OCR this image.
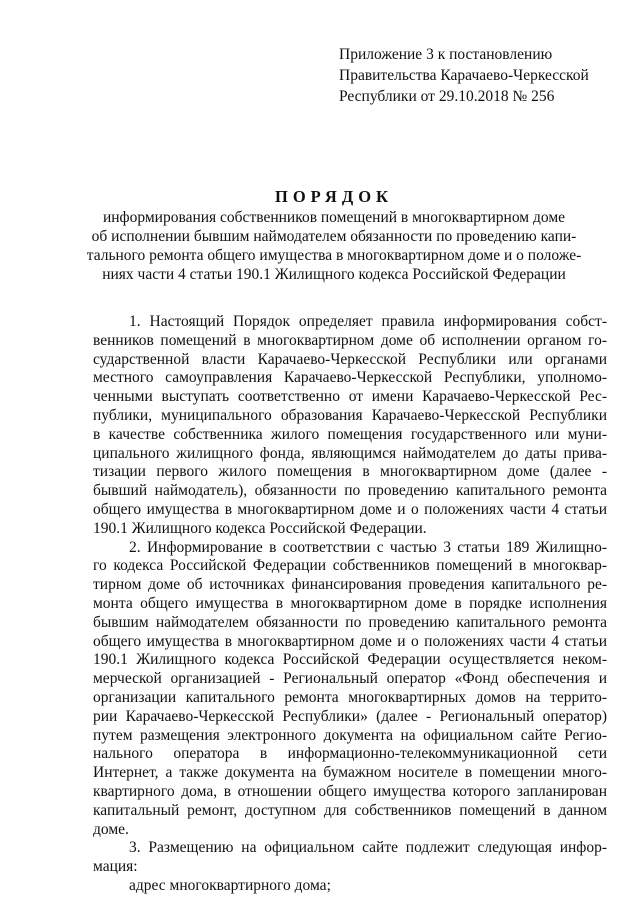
Приложение 3 к постановлению
Правительства Карачаево-Черкесской
Республики от 29.10.2018 № 256
ПОРЯДОК
информирования собственников помещений в многоквартирном доме
об исполнении бывшим наймодателем обязанности по проведению капи-
тального ремонта общего имущества в многоквартирном доме и о положе-
ниях части 4 статьи 190.1 Жилищного кодекса Российской Федерации

1. Настоящий Порядок определяет правила информирования собст-

венников помещений в многоквартирном доме об исполнении органом го-

сударственной власти Карачаево-Черкесской Республики или органами

местного самоуправления Карачаево-Черкесской Республики, уполномо-

ченными выступать соответственно от имени Карачаево-Черкесской Рес-

публики, муниципального образования Карачаево-Черкесской Республики

в качестве собственника жилого помещения государственного или муни-

ципального жилищного фонда, являющимся наймодателем до даты прива-

тизации первого жилого помещения в многоквартирном доме (далее -

бывший наймодатель), обязанности по проведению капитального ремонта

общего имущества в многоквартирном доме и о положениях части 4 статьи

190.1 Жилищного кодекса Российской Федерации.

2. Информирование в соответствии с частью 3 статьи 189 Жилищно-

го кодекса Российской Федерации собственников помещений в многоквар-

тирном доме об источниках финансирования проведения капитального ре-

монта общего имущества в многоквартирном доме в порядке исполнения

бывшим наймодателем обязанности по проведению капитального ремонта

общего имущества в многоквартирном доме и о положениях части 4 статьи

190.1 Жилищного кодекса Российской Федерации осуществляется неком-

мерческой организацией - Региональный оператор «Фонд обеспечения и

организации капитального ремонта многоквартирных домов на террито-

рии Карачаево-Черкесской Республики» (далее - Региональный оператор)

путем размещения электронного документа на официальном сайте Регио-

нального оператора в информационно-телекоммуникационной сети

Интернет, а также документа на бумажном носителе в помещении много-

квартирного дома, в отношении общего имущества которого запланирован

капитальный ремонт, доступном для собственников помещений в данном

доме.

3. Размещению на официальном сайте подлежит следующая инфор-

мация:

адрес многоквартирного дома;
